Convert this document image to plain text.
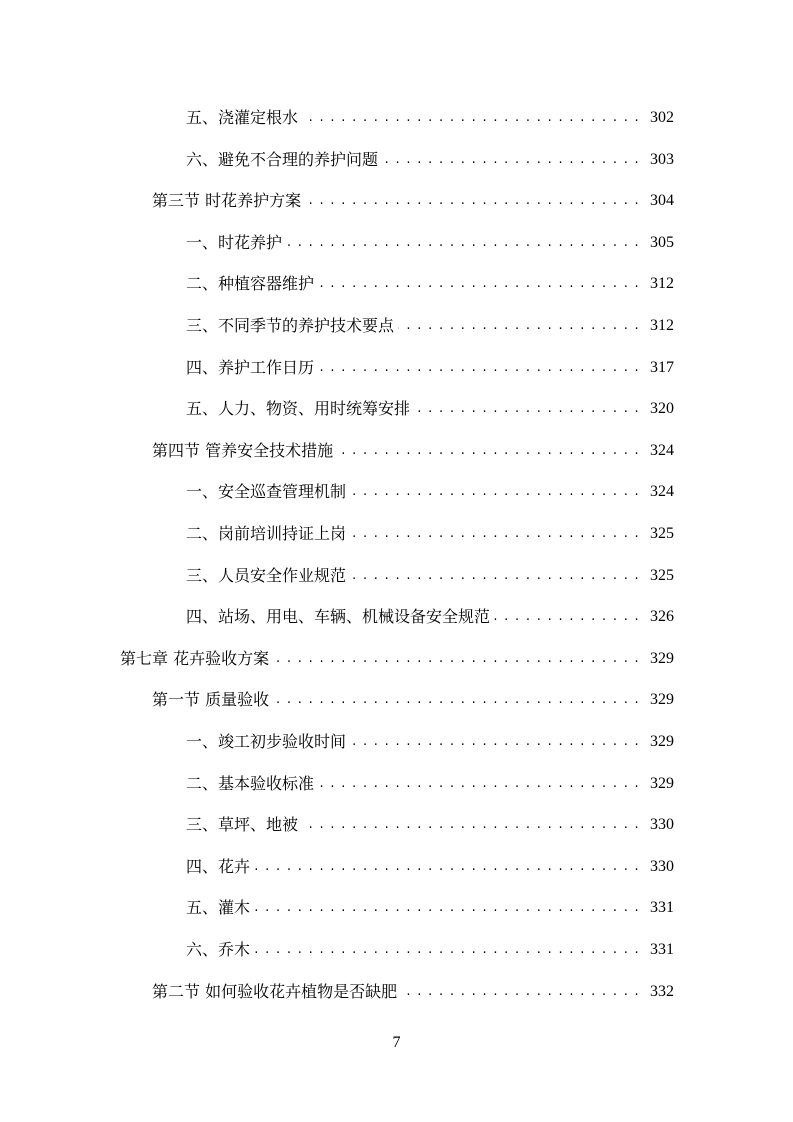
五、浇灌定根水 . . .	302
六、避免不合理的养护问题 . . .	303
第三节 时花养护方案 . . .	304
一、时花养护 . . .	305
二、种植容器维护 . . .	312
三、不同季节的养护技术要点 . . .	312
四、养护工作日历 . . .	317
五、人力、物资、用时统筹安排 . . .	320
第四节 管养安全技术措施 . . .	324
一、安全巡查管理机制 . . .	324
二、岗前培训持证上岗 . . .	325
三、人员安全作业规范 . . .	325
四、站场、用电、车辆、机械设备安全规范 . . .	326
第七章 花卉验收方案 . . .	329
第一节 质量验收 . . .	329
一、竣工初步验收时间 . . .	329
二、基本验收标准 . . .	329
三、草坪、地被 . . .	330
四、花卉 . . .	330
五、灌木 . . .	331
六、乔木 . . .	331
第二节 如何验收花卉植物是否缺肥 . . .	332
7
